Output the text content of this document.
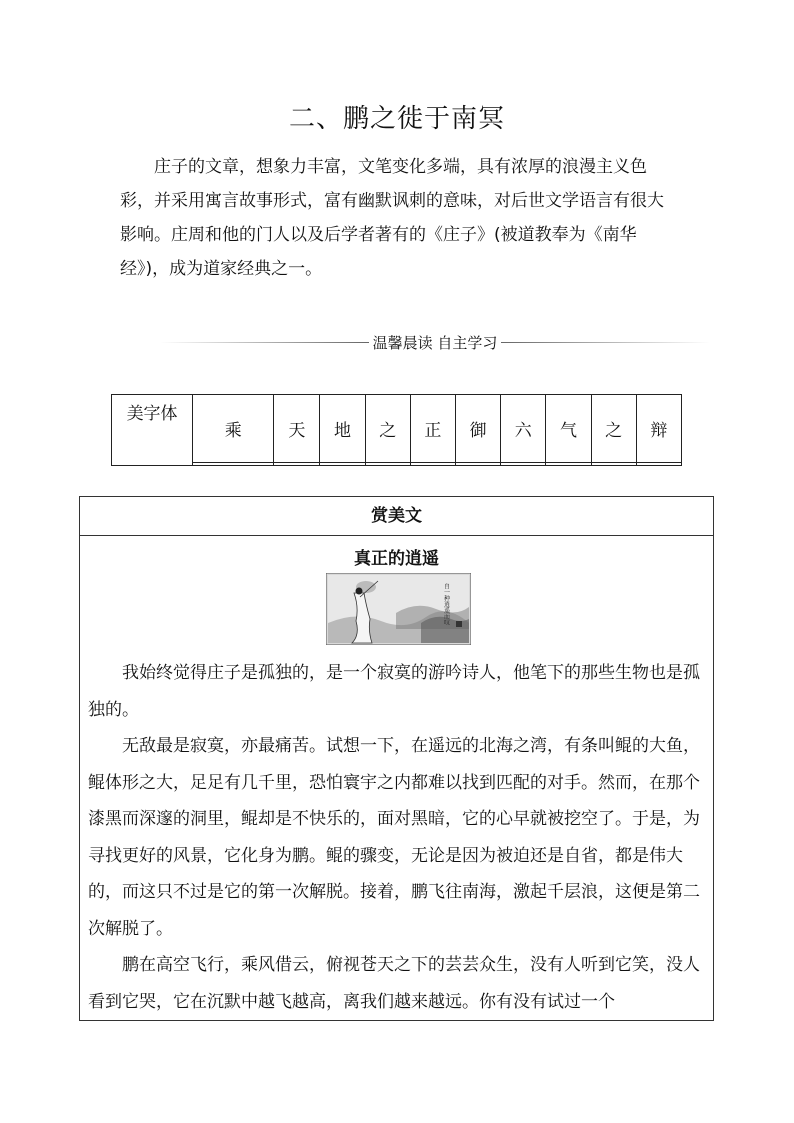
二、鹏之徙于南冥

庄子的文章，想象力丰富，文笔变化多端，具有浓厚的浪漫主义色彩，并采用寓言故事形式，富有幽默讽刺的意味，对后世文学语言有很大影响。庄周和他的门人以及后学者著有的《庄子》(被道教奉为《南华经》)，成为道家经典之一。

温馨晨读 自主学习
美字体	乘	天	地	之	正	御	六	气	之	辩

赏美文
真正的逍遥
自一种逍遥而叹

我始终觉得庄子是孤独的，是一个寂寞的游吟诗人，他笔下的那些生物也是孤独的。

无敌最是寂寞，亦最痛苦。试想一下，在遥远的北海之湾，有条叫鲲的大鱼，鲲体形之大，足足有几千里，恐怕寰宇之内都难以找到匹配的对手。然而，在那个漆黑而深邃的洞里，鲲却是不快乐的，面对黑暗，它的心早就被挖空了。于是，为寻找更好的风景，它化身为鹏。鲲的骤变，无论是因为被迫还是自省，都是伟大的，而这只不过是它的第一次解脱。接着，鹏飞往南海，激起千层浪，这便是第二次解脱了。

鹏在高空飞行，乘风借云，俯视苍天之下的芸芸众生，没有人听到它笑，没人看到它哭，它在沉默中越飞越高，离我们越来越远。你有没有试过一个
